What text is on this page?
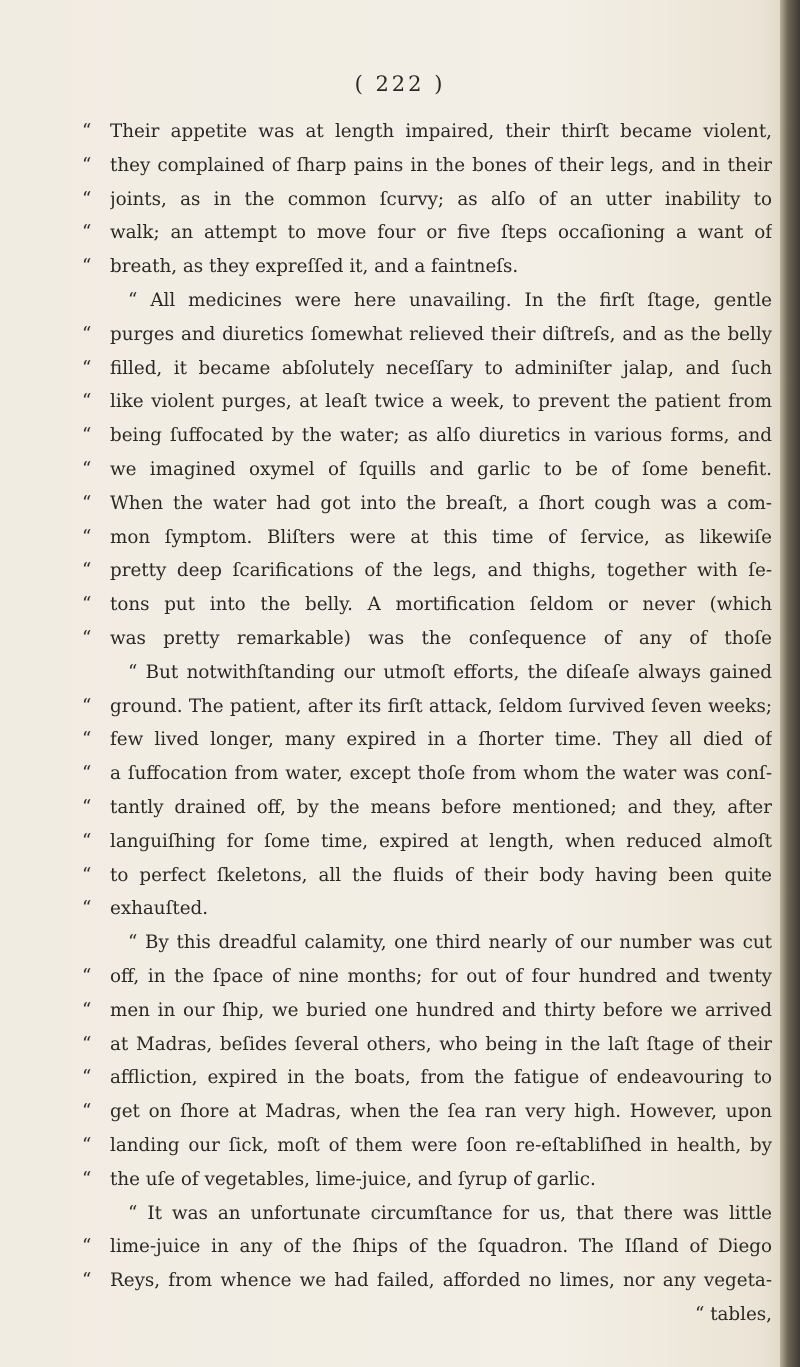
( 222 )
“	Their appetite was at length impaired, their thirſt became violent,
“	they complained of ſharp pains in the bones of their legs, and in their
“	joints, as in the common ſcurvy; as alſo of an utter inability to
“	walk; an attempt to move four or five ſteps occaſioning a want of
“	breath, as they expreſſed it, and a faintneſs.
“ All medicines were here unavailing. In the firſt ſtage, gentle
“	purges and diuretics ſomewhat relieved their diſtreſs, and as the belly
“	filled, it became abſolutely neceſſary to adminiſter jalap, and ſuch
“	like violent purges, at leaſt twice a week, to prevent the patient from
“	being ſuffocated by the water; as alſo diuretics in various forms, and
“	we imagined oxymel of ſquills and garlic to be of ſome benefit.
“	When the water had got into the breaſt, a ſhort cough was a com-
“	mon ſymptom. Bliſters were at this time of ſervice, as likewiſe
“	pretty deep ſcarifications of the legs, and thighs, together with ſe-
“	tons put into the belly. A mortification ſeldom or never (which
“	was pretty remarkable) was the conſequence of any of thoſe
“ But notwithſtanding our utmoſt efforts, the diſeaſe always gained
“	ground. The patient, after its firſt attack, ſeldom ſurvived ſeven weeks;
“	few lived longer, many expired in a ſhorter time. They all died of
“	a ſuffocation from water, except thoſe from whom the water was conſ-
“	tantly drained off, by the means before mentioned; and they, after
“	languiſhing for ſome time, expired at length, when reduced almoſt
“	to perfect ſkeletons, all the fluids of their body having been quite
“	exhauſted.
“ By this dreadful calamity, one third nearly of our number was cut
“	off, in the ſpace of nine months; for out of four hundred and twenty
“	men in our ſhip, we buried one hundred and thirty before we arrived
“	at Madras, beſides ſeveral others, who being in the laſt ſtage of their
“	affliction, expired in the boats, from the fatigue of endeavouring to
“	get on ſhore at Madras, when the ſea ran very high. However, upon
“	landing our ſick, moſt of them were ſoon re-eſtabliſhed in health, by
“	the uſe of vegetables, lime-juice, and ſyrup of garlic.
“ It was an unfortunate circumſtance for us, that there was little
“	lime-juice in any of the ſhips of the ſquadron. The Iſland of Diego
“	Reys, from whence we had failed, afforded no limes, nor any vegeta-
“ tables,
